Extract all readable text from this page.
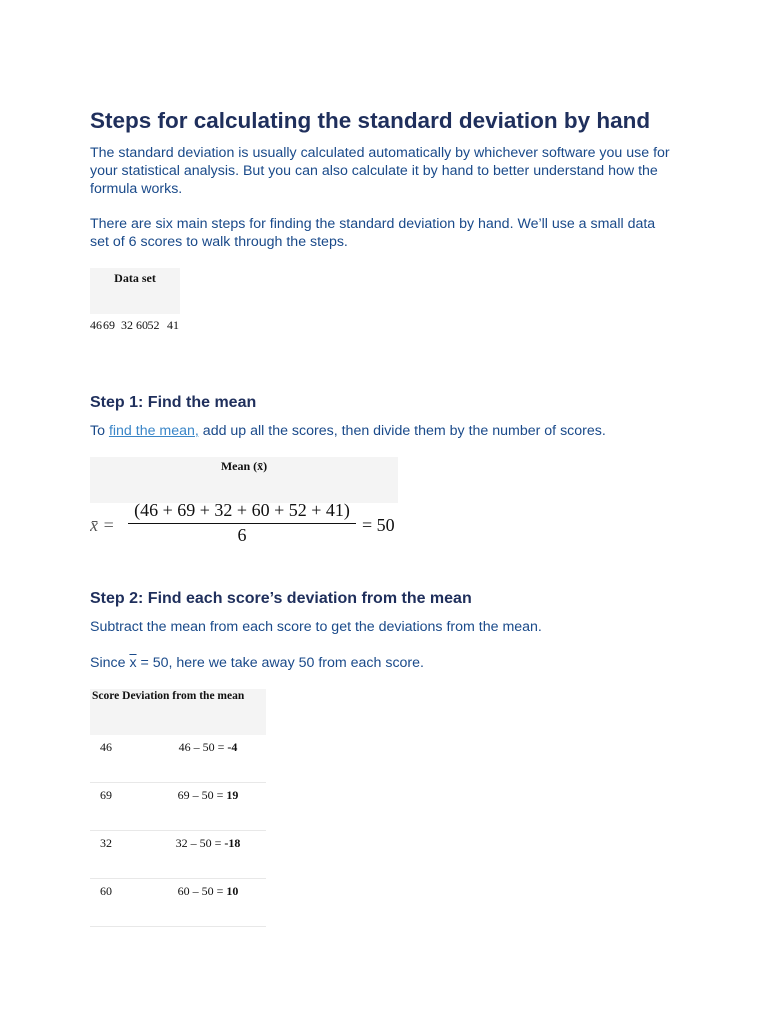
Steps for calculating the standard deviation by hand
The standard deviation is usually calculated automatically by whichever software you use for your statistical analysis. But you can also calculate it by hand to better understand how the formula works.
There are six main steps for finding the standard deviation by hand. We’ll use a small data set of 6 scores to walk through the steps.
Data set
46 69 32 60 52 41
Step 1: Find the mean
To find the mean, add up all the scores, then divide them by the number of scores.
Mean (x̄)
x̄ = $\frac{(46 + 69 + 32 + 60 + 52 + 41)}{6} = 50$
Step 2: Find each score’s deviation from the mean
Subtract the mean from each score to get the deviations from the mean.
Since $\overline{x} = 50$, here we take away 50 from each score.
Score Deviation from the mean
46	46 – 50 = -4
69	69 – 50 = 19
32	32 – 50 = -18
60	60 – 50 = 10
